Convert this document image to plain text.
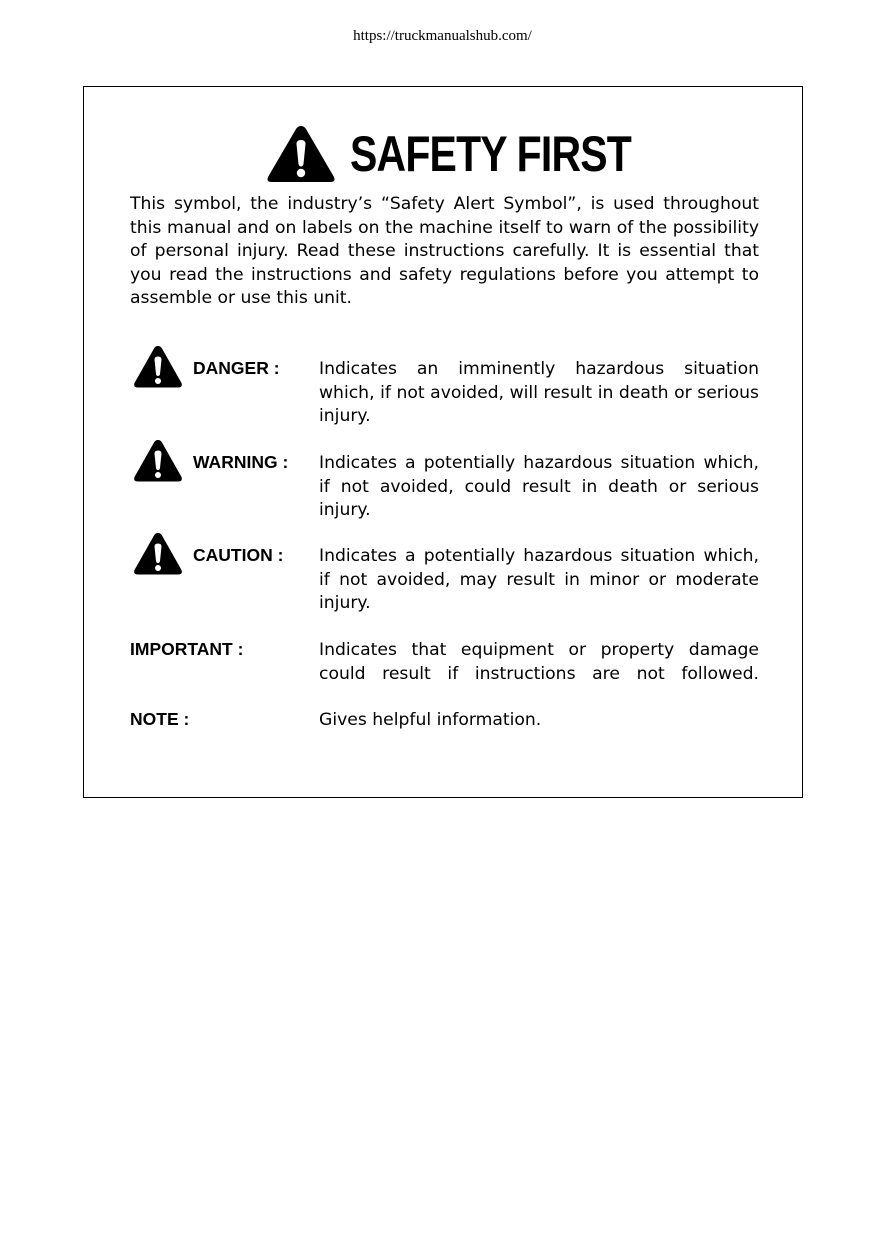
https://truckmanualshub.com/
SAFETY FIRST

This symbol, the industry’s “Safety Alert Symbol”, is used throughout this manual and on labels on the machine itself to warn of the possibility of personal injury. Read these instructions carefully. It is essential that you read the instructions and safety regulations before you attempt to assemble or use this unit.

DANGER : Indicates an imminently hazardous situation which, if not avoided, will result in death or serious injury.

WARNING : Indicates a potentially hazardous situation which, if not avoided, could result in death or serious injury.

CAUTION : Indicates a potentially hazardous situation which, if not avoided, may result in minor or moderate injury.

IMPORTANT :	Indicates that equipment or property damage could result if instructions are not followed.

NOTE :	Gives helpful information.
